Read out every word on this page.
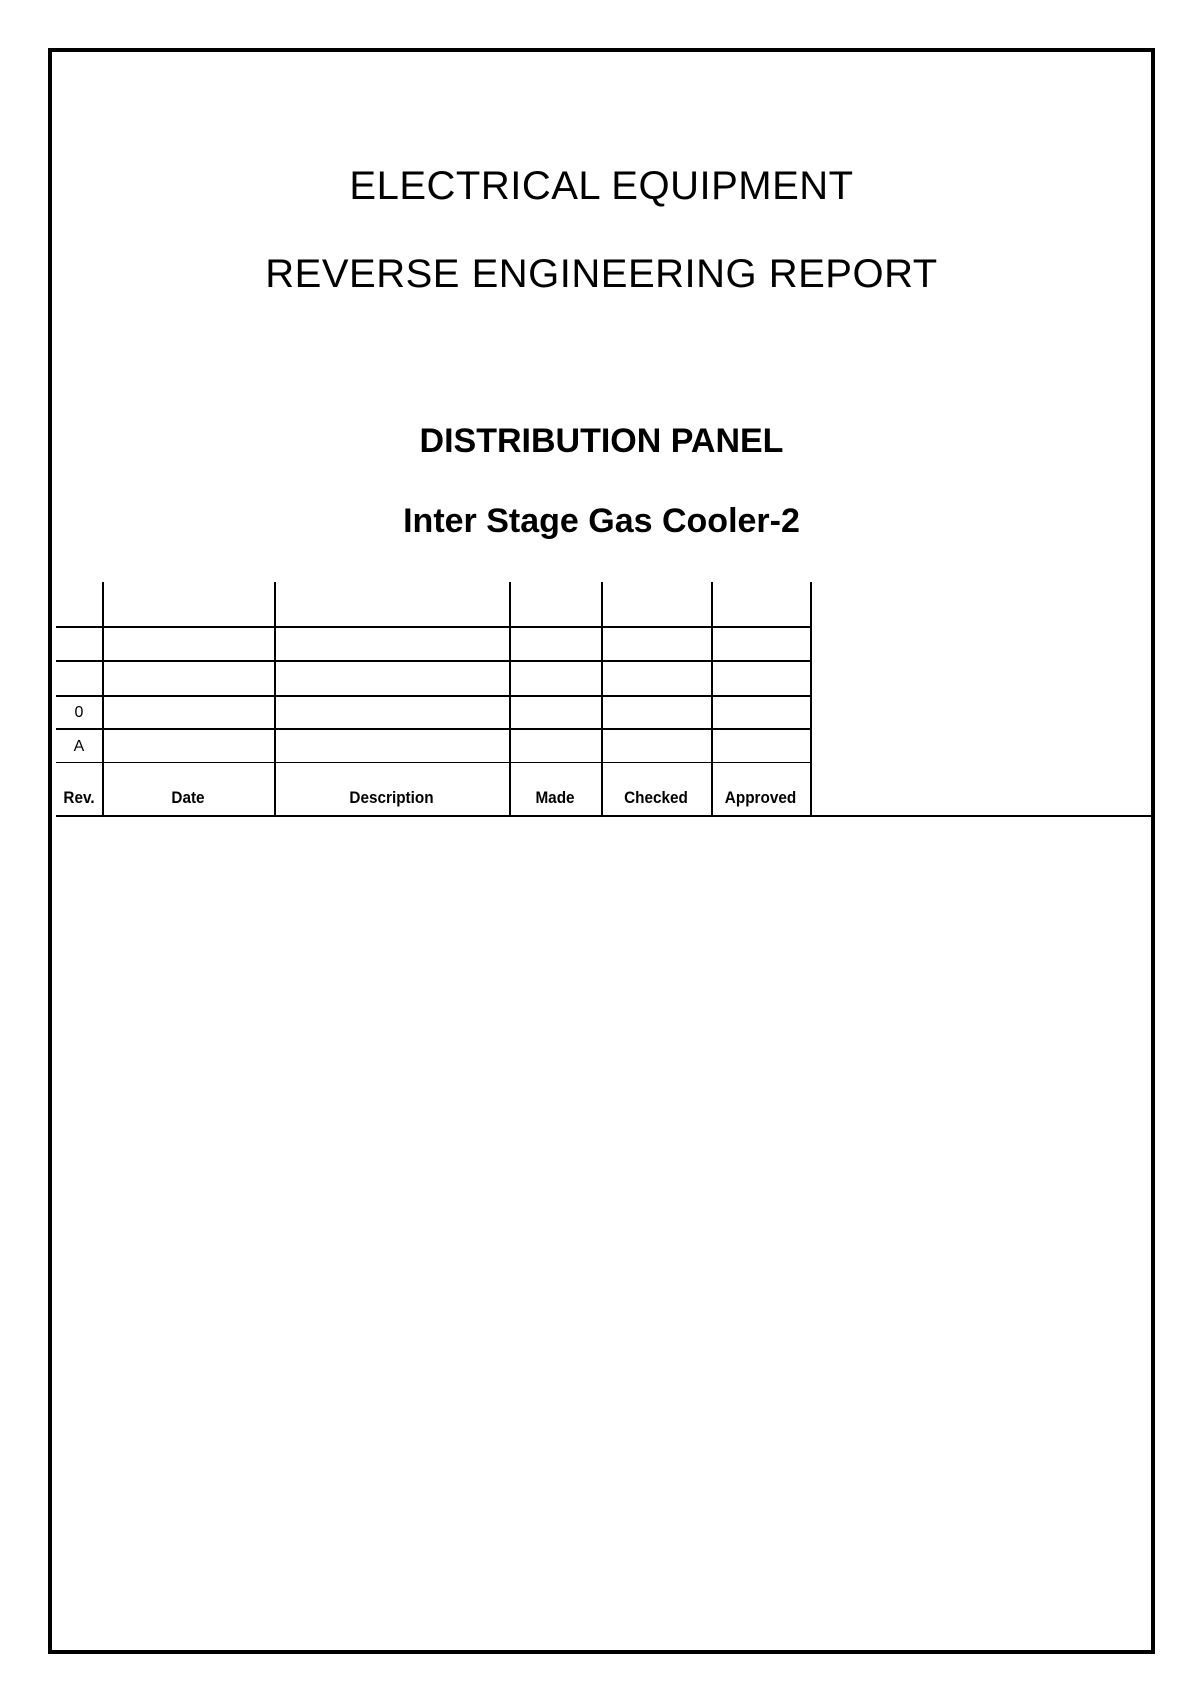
ELECTRICAL EQUIPMENT
REVERSE ENGINEERING REPORT
DISTRIBUTION PANEL
Inter Stage Gas Cooler-2
0
A
Rev.	Date	Description	Made	Checked	Approved
